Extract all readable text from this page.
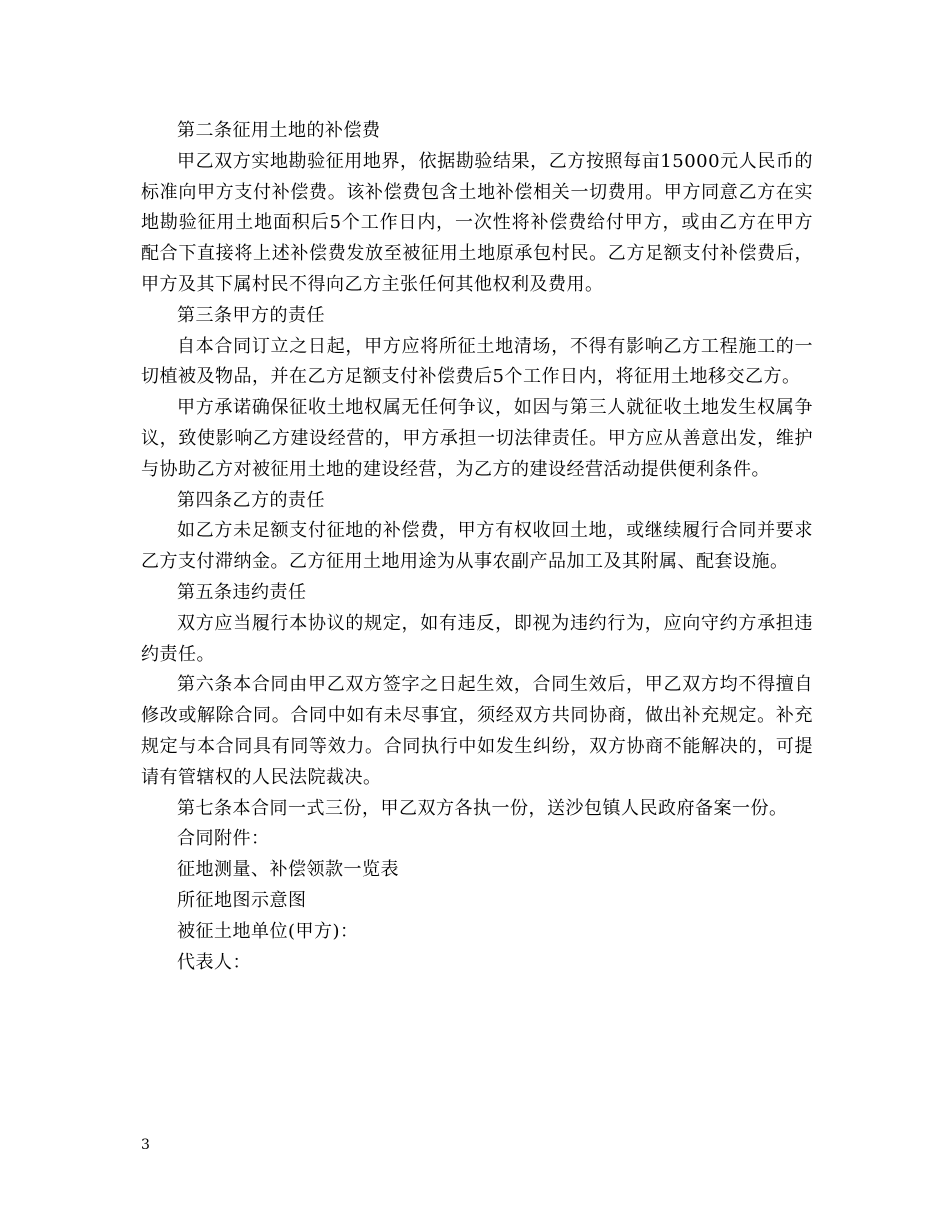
第二条征用土地的补偿费

甲乙双方实地勘验征用地界，依据勘验结果，乙方按照每亩15000元人民币的标准向甲方支付补偿费。该补偿费包含土地补偿相关一切费用。甲方同意乙方在实地勘验征用土地面积后5个工作日内，一次性将补偿费给付甲方，或由乙方在甲方配合下直接将上述补偿费发放至被征用土地原承包村民。乙方足额支付补偿费后，甲方及其下属村民不得向乙方主张任何其他权利及费用。

第三条甲方的责任

自本合同订立之日起，甲方应将所征土地清场，不得有影响乙方工程施工的一切植被及物品，并在乙方足额支付补偿费后5个工作日内，将征用土地移交乙方。

甲方承诺确保征收土地权属无任何争议，如因与第三人就征收土地发生权属争议，致使影响乙方建设经营的，甲方承担一切法律责任。甲方应从善意出发，维护与协助乙方对被征用土地的建设经营，为乙方的建设经营活动提供便利条件。

第四条乙方的责任

如乙方未足额支付征地的补偿费，甲方有权收回土地，或继续履行合同并要求乙方支付滞纳金。乙方征用土地用途为从事农副产品加工及其附属、配套设施。

第五条违约责任

双方应当履行本协议的规定，如有违反，即视为违约行为，应向守约方承担违约责任。

第六条本合同由甲乙双方签字之日起生效，合同生效后，甲乙双方均不得擅自修改或解除合同。合同中如有未尽事宜，须经双方共同协商，做出补充规定。补充规定与本合同具有同等效力。合同执行中如发生纠纷，双方协商不能解决的，可提请有管辖权的人民法院裁决。

第七条本合同一式三份，甲乙双方各执一份，送沙包镇人民政府备案一份。

合同附件：

征地测量、补偿领款一览表

所征地图示意图

被征土地单位(甲方)：

代表人：

3
